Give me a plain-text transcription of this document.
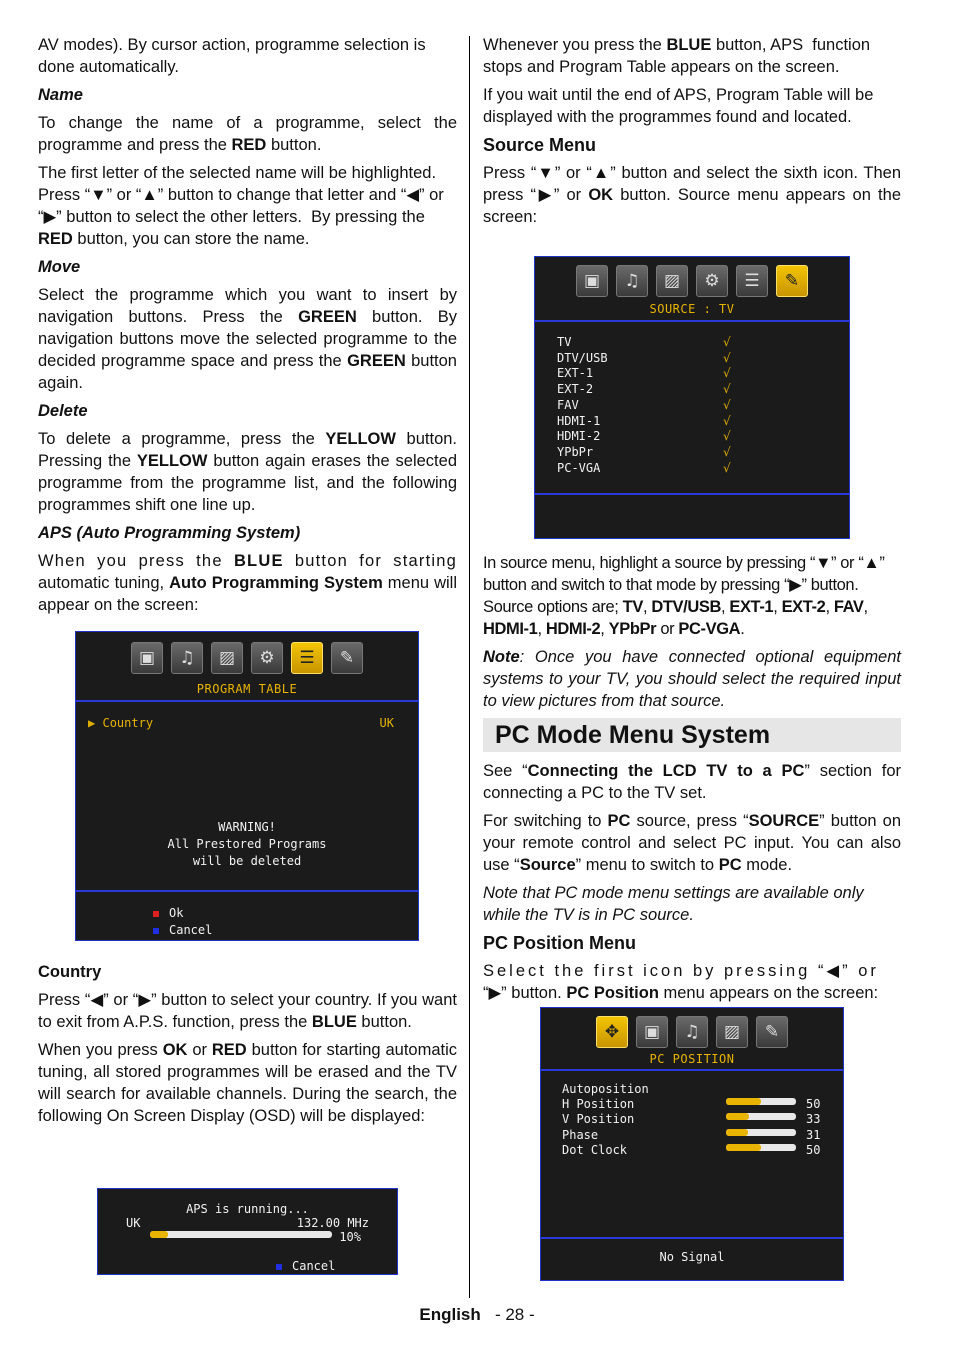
AV modes). By cursor action, programme selection is done automatically.

Name

To change the name of a programme, select the programme and press the RED button.

The first letter of the selected name will be highlighted. Press “▼” or “▲” button to change that letter and “◀” or “▶” button to select the other letters.  By pressing the RED button, you can store the name.

Move

Select the programme which you want to insert by navigation buttons. Press the GREEN button. By navigation buttons move the selected programme to the decided programme space and press the GREEN button again.

Delete

To delete a programme, press the YELLOW button. Pressing the YELLOW button again erases the selected programme from the programme list, and the following programmes shift one line up.

APS (Auto Programming System)

When you press the BLUE button for starting automatic tuning, Auto Programming System menu will appear on the screen:

Country

Press “◀” or “▶” button to select your country. If you want to exit from A.P.S. function, press the BLUE button.

When you press OK or RED button for starting automatic tuning, all stored programmes will be erased and the TV will search for available channels. During the search, the following On Screen Display (OSD) will be displayed:

Whenever you press the BLUE button, APS  function stops and Program Table appears on the screen.

If you wait until the end of APS, Program Table will be displayed with the programmes found and located.

Source Menu

Press “▼” or “▲” button and select the sixth icon. Then press “▶” or OK button. Source menu appears on the screen:

In source menu, highlight a source by pressing “▼” or “▲” button and switch to that mode by pressing “▶” button. Source options are; TV, DTV/USB, EXT-1, EXT-2, FAV, HDMI-1, HDMI-2, YPbPr or PC-VGA.

Note: Once you have connected optional equipment systems to your TV, you should select the required input to view pictures from that source.

PC Mode Menu System

See “Connecting the LCD TV to a PC” section for connecting a PC to the TV set.

For switching to PC source, press “SOURCE” button on your remote control and select PC input. You can also use “Source” menu to switch to PC mode.

Note that PC mode menu settings are available only while the TV is in PC source.

PC Position Menu

Select the first icon by pressing “◀” or “▶” button. PC Position menu appears on the screen:

▣	♫	▨	⚙	☰	✎
PROGRAM TABLE
▶ Country	UK
WARNING!
All Prestored Programs
will be deleted
Ok
Cancel
APS is running...
UK	132.00 MHz
10%
Cancel
▣	♫	▨	⚙	☰	✎
SOURCE : TV
TV	√
DTV/USB	√
EXT-1	√
EXT-2	√
FAV	√
HDMI-1	√
HDMI-2	√
YPbPr	√
PC-VGA	√
✥	▣	♫	▨	✎
PC POSITION
Autoposition
H Position	50
V Position	33
Phase	31
Dot Clock	50
No Signal
English - 28 -
